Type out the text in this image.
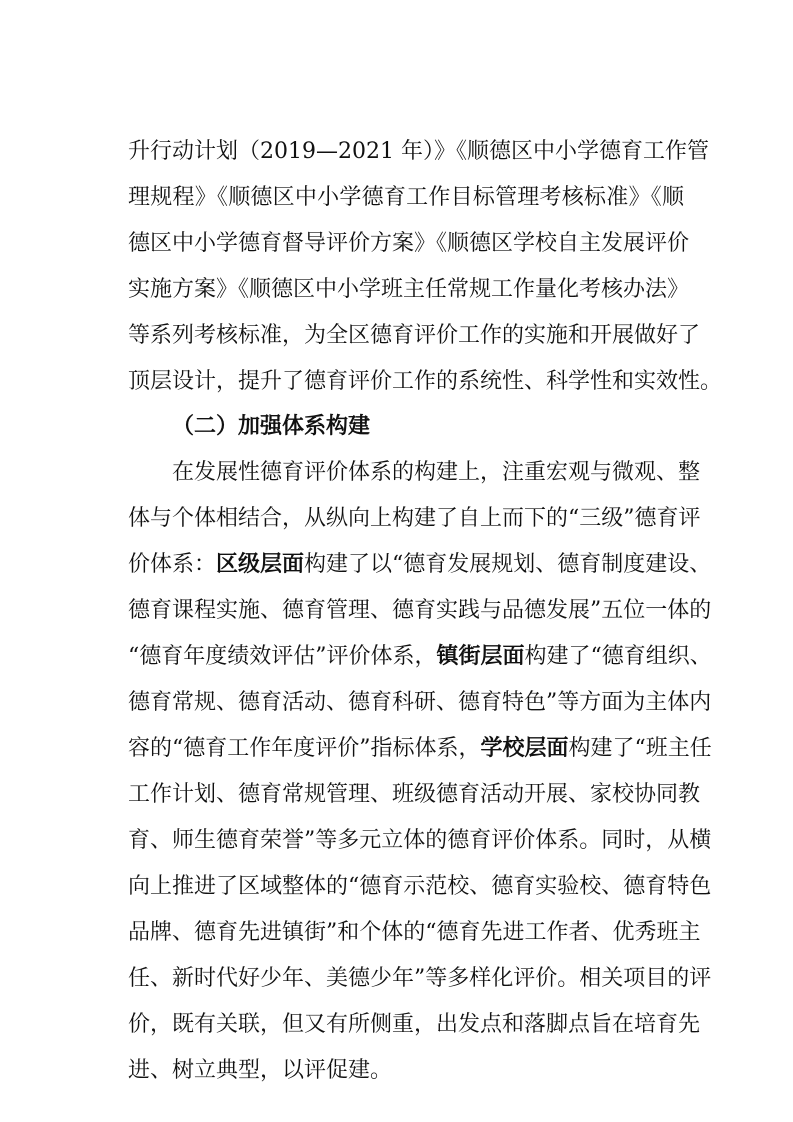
升行动计划（2019—2021 年）》《顺德区中小学德育工作管
理规程》《顺德区中小学德育工作目标管理考核标准》《顺
德区中小学德育督导评价方案》《顺德区学校自主发展评价
实施方案》《顺德区中小学班主任常规工作量化考核办法》
等系列考核标准，为全区德育评价工作的实施和开展做好了
顶层设计，提升了德育评价工作的系统性、科学性和实效性。
（二）加强体系构建
在发展性德育评价体系的构建上，注重宏观与微观、整
体与个体相结合，从纵向上构建了自上而下的“三级”德育评
价体系：区级层面构建了以“德育发展规划、德育制度建设、
德育课程实施、德育管理、德育实践与品德发展”五位一体的
“德育年度绩效评估”评价体系，镇街层面构建了“德育组织、
德育常规、德育活动、德育科研、德育特色”等方面为主体内
容的“德育工作年度评价”指标体系，学校层面构建了“班主任
工作计划、德育常规管理、班级德育活动开展、家校协同教
育、师生德育荣誉”等多元立体的德育评价体系。同时，从横
向上推进了区域整体的“德育示范校、德育实验校、德育特色
品牌、德育先进镇街”和个体的“德育先进工作者、优秀班主
任、新时代好少年、美德少年”等多样化评价。相关项目的评
价，既有关联，但又有所侧重，出发点和落脚点旨在培育先
进、树立典型，以评促建。
